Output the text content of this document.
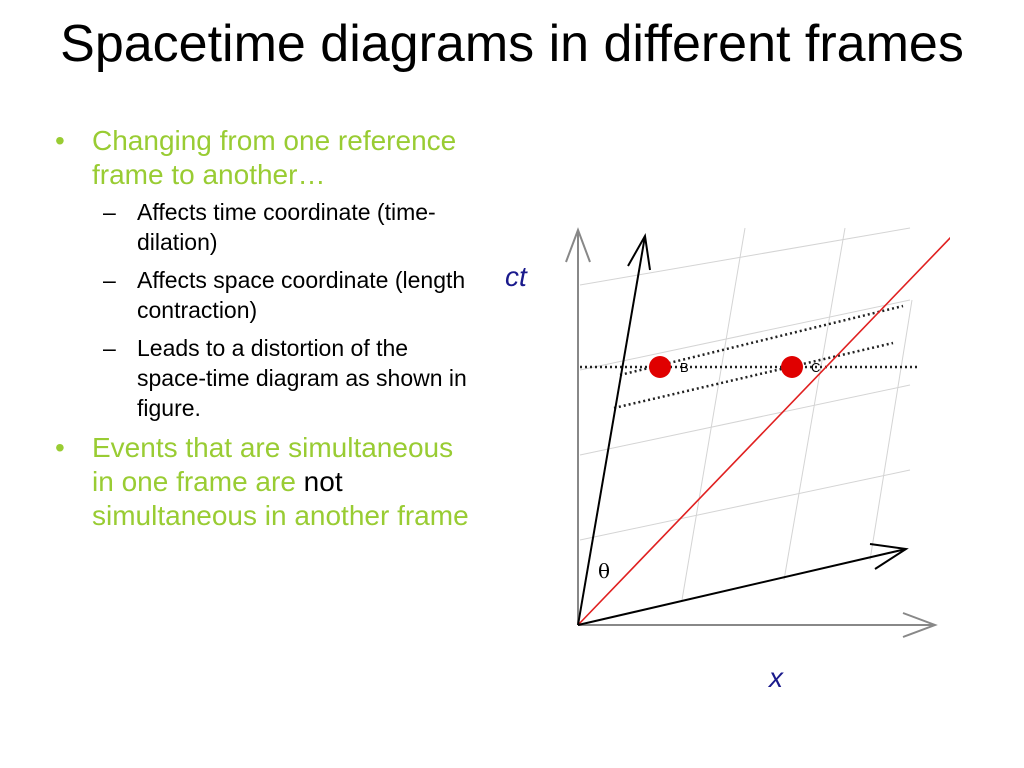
Spacetime diagrams in different frames
• Changing from one reference frame to another…
– Affects time coordinate (time-dilation)
– Affects space coordinate (length contraction)
– Leads to a distortion of the space-time diagram as shown in figure.
• Events that are simultaneous in one frame are not simultaneous in another frame
B	C
ct
x
θ
